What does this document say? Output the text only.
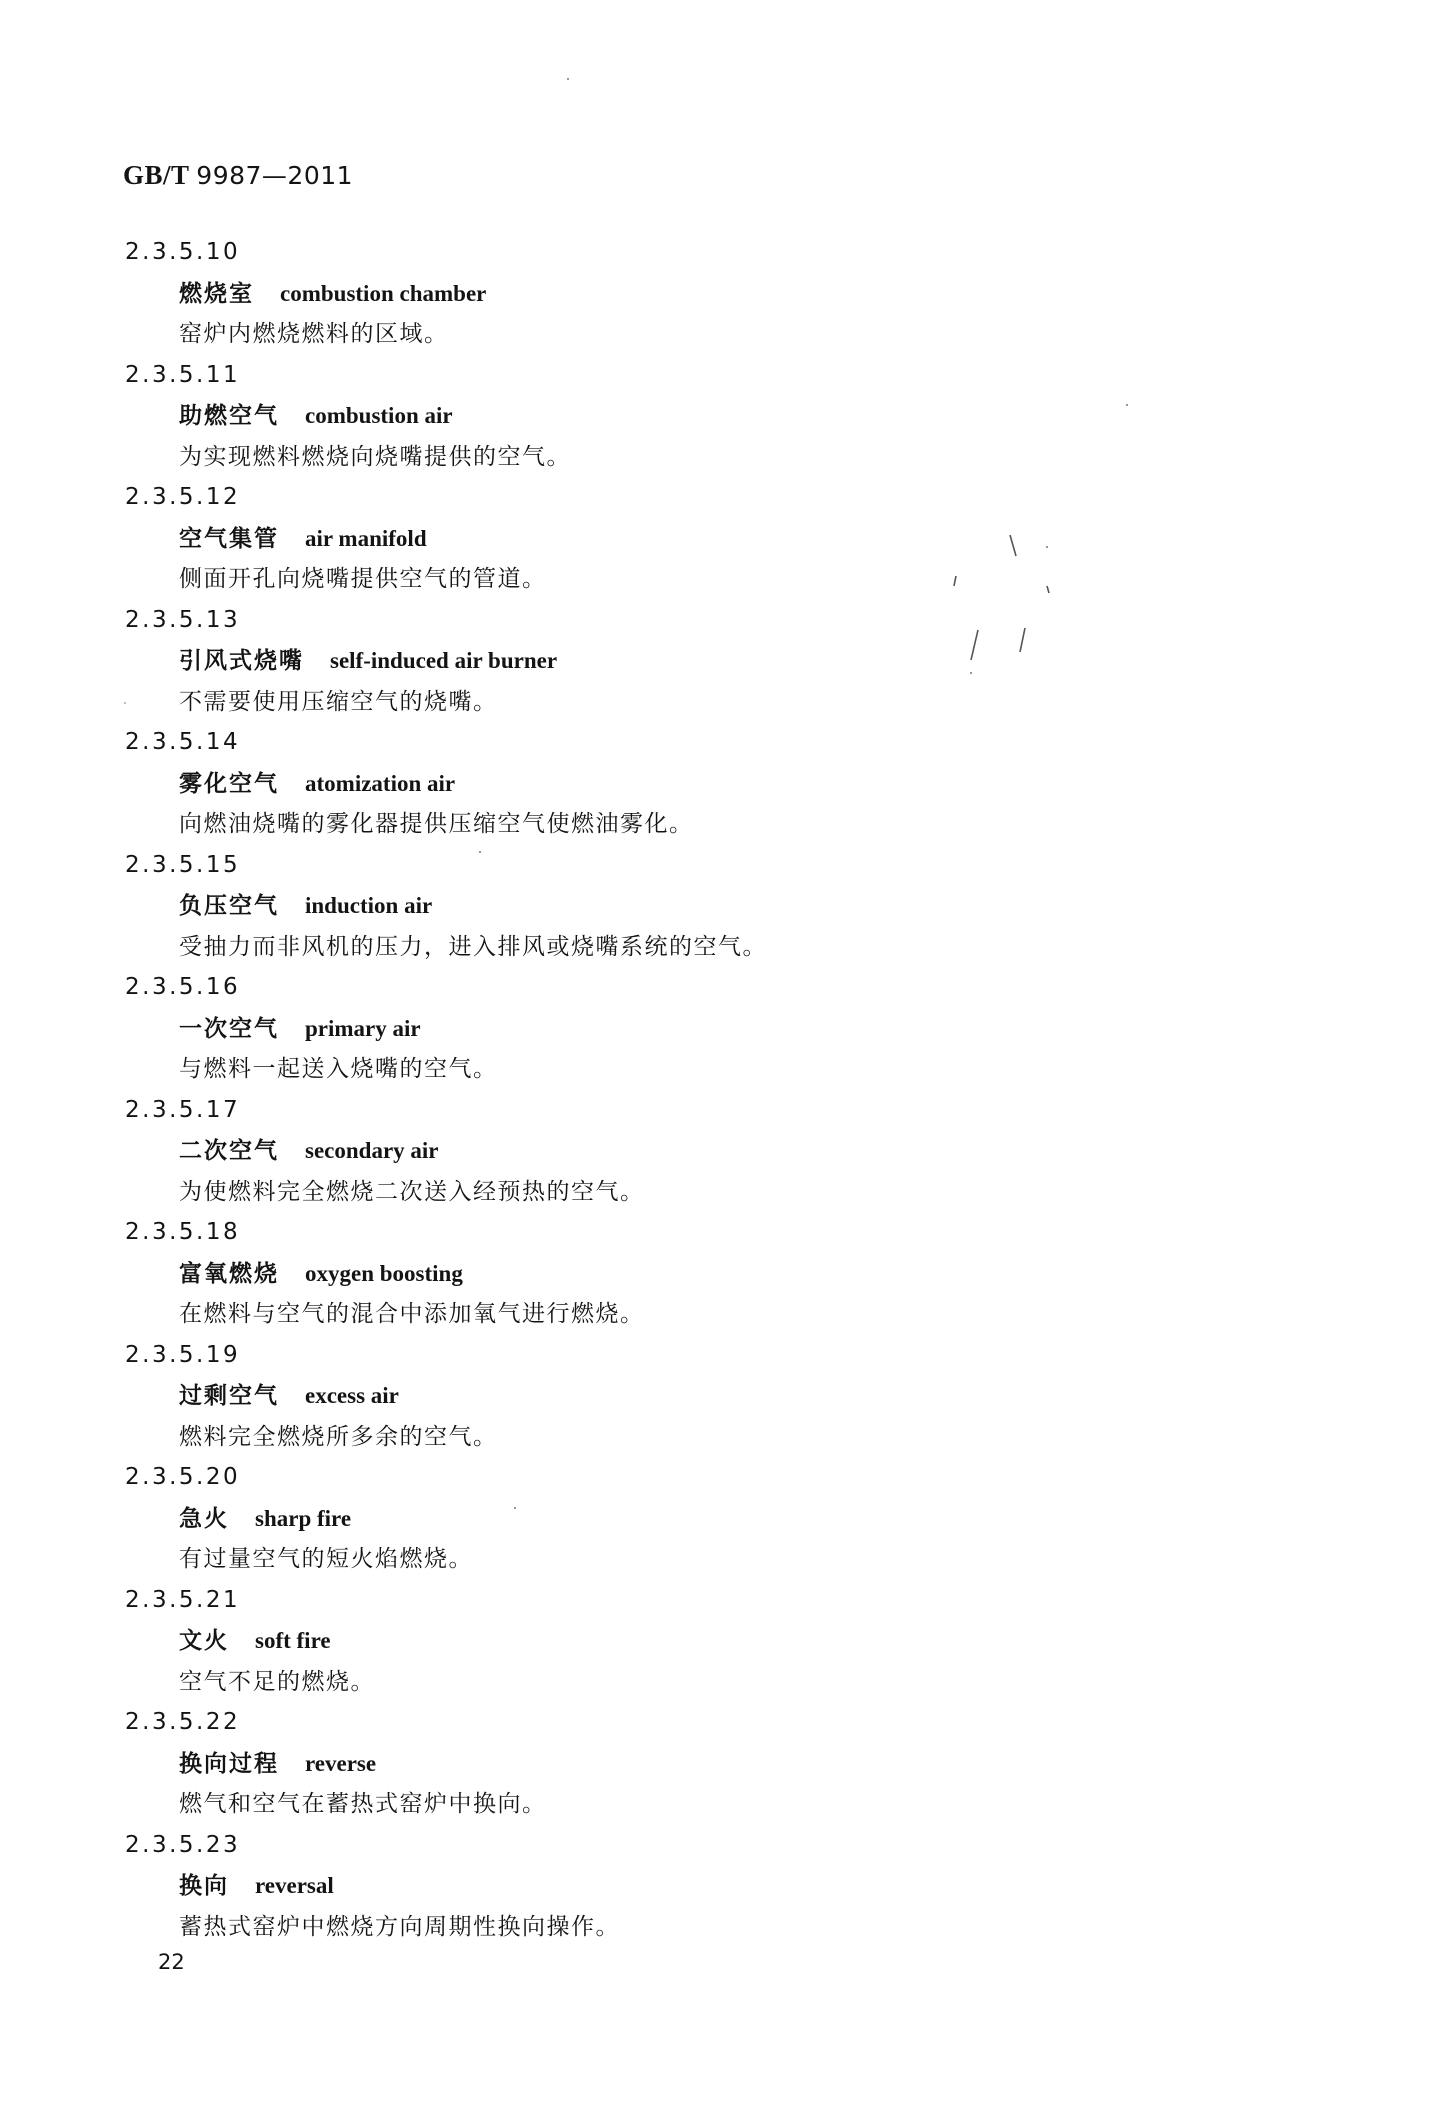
GB/T 9987—2011
2.3.5.10
燃烧室 combustion chamber
窑炉内燃烧燃料的区域。
2.3.5.11
助燃空气 combustion air
为实现燃料燃烧向烧嘴提供的空气。
2.3.5.12
空气集管 air manifold
侧面开孔向烧嘴提供空气的管道。
2.3.5.13
引风式烧嘴 self-induced air burner
不需要使用压缩空气的烧嘴。
2.3.5.14
雾化空气 atomization air
向燃油烧嘴的雾化器提供压缩空气使燃油雾化。
2.3.5.15
负压空气 induction air
受抽力而非风机的压力，进入排风或烧嘴系统的空气。
2.3.5.16
一次空气 primary air
与燃料一起送入烧嘴的空气。
2.3.5.17
二次空气 secondary air
为使燃料完全燃烧二次送入经预热的空气。
2.3.5.18
富氧燃烧 oxygen boosting
在燃料与空气的混合中添加氧气进行燃烧。
2.3.5.19
过剩空气 excess air
燃料完全燃烧所多余的空气。
2.3.5.20
急火 sharp fire
有过量空气的短火焰燃烧。
2.3.5.21
文火 soft fire
空气不足的燃烧。
2.3.5.22
换向过程 reverse
燃气和空气在蓄热式窑炉中换向。
2.3.5.23
换向 reversal
蓄热式窑炉中燃烧方向周期性换向操作。
22
